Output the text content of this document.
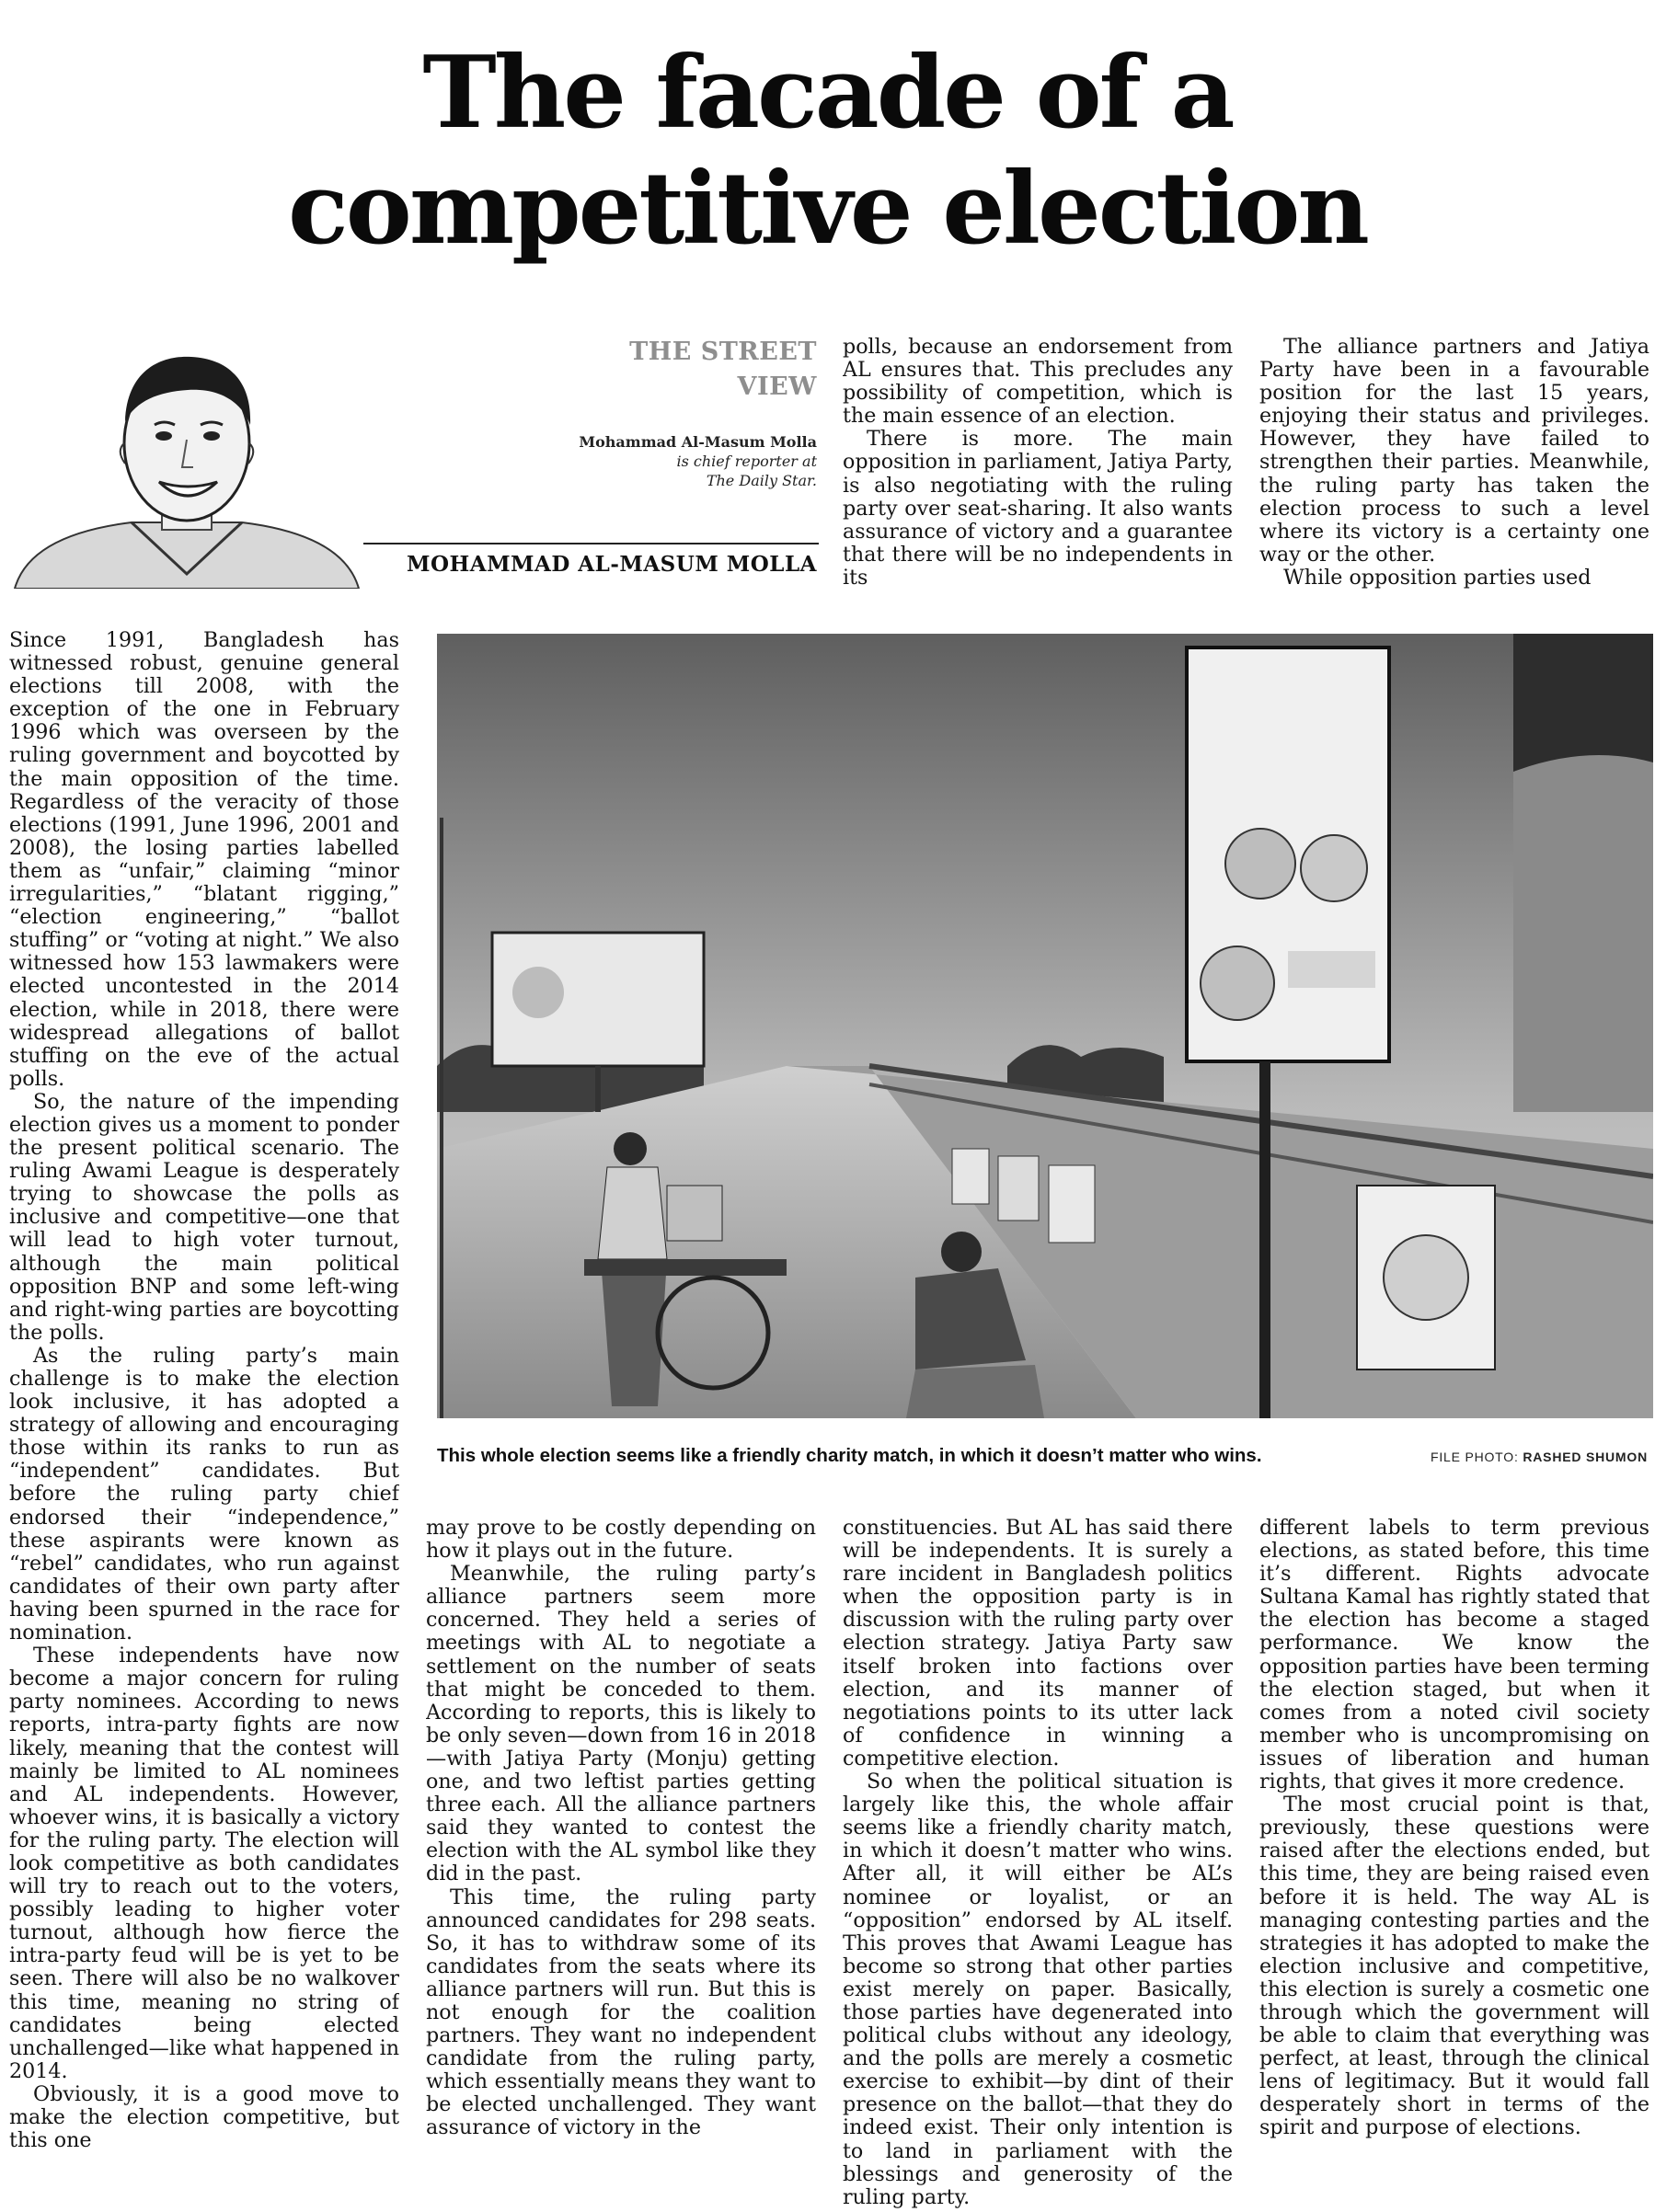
The facade of a
competitive election
THE STREET
VIEW
Mohammad Al-Masum Molla
is chief reporter at
The Daily Star.
MOHAMMAD AL-MASUM MOLLA

Since 1991, Bangladesh has witnessed robust, genuine general elections till 2008, with the exception of the one in February 1996 which was overseen by the ruling government and boycotted by the main opposition of the time. Regardless of the veracity of those elections (1991, June 1996, 2001 and 2008), the losing parties labelled them as “unfair,” claiming “minor irregularities,” “blatant rigging,” “election engineering,” “ballot stuffing” or “voting at night.” We also witnessed how 153 lawmakers were elected uncontested in the 2014 election, while in 2018, there were widespread allegations of ballot stuffing on the eve of the actual polls.

So, the nature of the impending election gives us a moment to ponder the present political scenario. The ruling Awami League is desperately trying to showcase the polls as inclusive and competitive—one that will lead to high voter turnout, although the main political opposition BNP and some left-wing and right-wing parties are boycotting the polls.

As the ruling party’s main challenge is to make the election look inclusive, it has adopted a strategy of allowing and encouraging those within its ranks to run as “independent” candidates. But before the ruling party chief endorsed their “independence,” these aspirants were known as “rebel” candidates, who run against candidates of their own party after having been spurned in the race for nomination.

These independents have now become a major concern for ruling party nominees. According to news reports, intra-party fights are now likely, meaning that the contest will mainly be limited to AL nominees and AL independents. However, whoever wins, it is basically a victory for the ruling party. The election will look competitive as both candidates will try to reach out to the voters, possibly leading to higher voter turnout, although how fierce the intra-party feud will be is yet to be seen. There will also be no walkover this time, meaning no string of candidates being elected unchallenged—like what happened in 2014.

Obviously, it is a good move to make the election competitive, but this one

may prove to be costly depending on how it plays out in the future.

Meanwhile, the ruling party’s alliance partners seem more concerned. They held a series of meetings with AL to negotiate a settlement on the number of seats that might be conceded to them. According to reports, this is likely to be only seven—down from 16 in 2018—with Jatiya Party (Monju) getting one, and two leftist parties getting three each. All the alliance partners said they wanted to contest the election with the AL symbol like they did in the past.

This time, the ruling party announced candidates for 298 seats. So, it has to withdraw some of its candidates from the seats where its alliance partners will run. But this is not enough for the coalition partners. They want no independent candidate from the ruling party, which essentially means they want to be elected unchallenged. They want assurance of victory in the

polls, because an endorsement from AL ensures that. This precludes any possibility of competition, which is the main essence of an election.

There is more. The main opposition in parliament, Jatiya Party, is also negotiating with the ruling party over seat-sharing. It also wants assurance of victory and a guarantee that there will be no independents in its

The alliance partners and Jatiya Party have been in a favourable position for the last 15 years, enjoying their status and privileges. However, they have failed to strengthen their parties. Meanwhile, the ruling party has taken the election process to such a level where its victory is a certainty one way or the other.

While opposition parties used

constituencies. But AL has said there will be independents. It is surely a rare incident in Bangladesh politics when the opposition party is in discussion with the ruling party over election strategy. Jatiya Party saw itself broken into factions over election, and its manner of negotiations points to its utter lack of confidence in winning a competitive election.

So when the political situation is largely like this, the whole affair seems like a friendly charity match, in which it doesn’t matter who wins. After all, it will either be AL’s nominee or loyalist, or an “opposition” endorsed by AL itself. This proves that Awami League has become so strong that other parties exist merely on paper. Basically, those parties have degenerated into political clubs without any ideology, and the polls are merely a cosmetic exercise to exhibit—by dint of their presence on the ballot—that they do indeed exist. Their only intention is to land in parliament with the blessings and generosity of the ruling party.

different labels to term previous elections, as stated before, this time it’s different. Rights advocate Sultana Kamal has rightly stated that the election has become a staged performance. We know the opposition parties have been terming the election staged, but when it comes from a noted civil society member who is uncompromising on issues of liberation and human rights, that gives it more credence.

The most crucial point is that, previously, these questions were raised after the elections ended, but this time, they are being raised even before it is held. The way AL is managing contesting parties and the strategies it has adopted to make the election inclusive and competitive, this election is surely a cosmetic one through which the government will be able to claim that everything was perfect, at least, through the clinical lens of legitimacy. But it would fall desperately short in terms of the spirit and purpose of elections.

This whole election seems like a friendly charity match, in which it doesn’t matter who wins.	FILE PHOTO: RASHED SHUMON
